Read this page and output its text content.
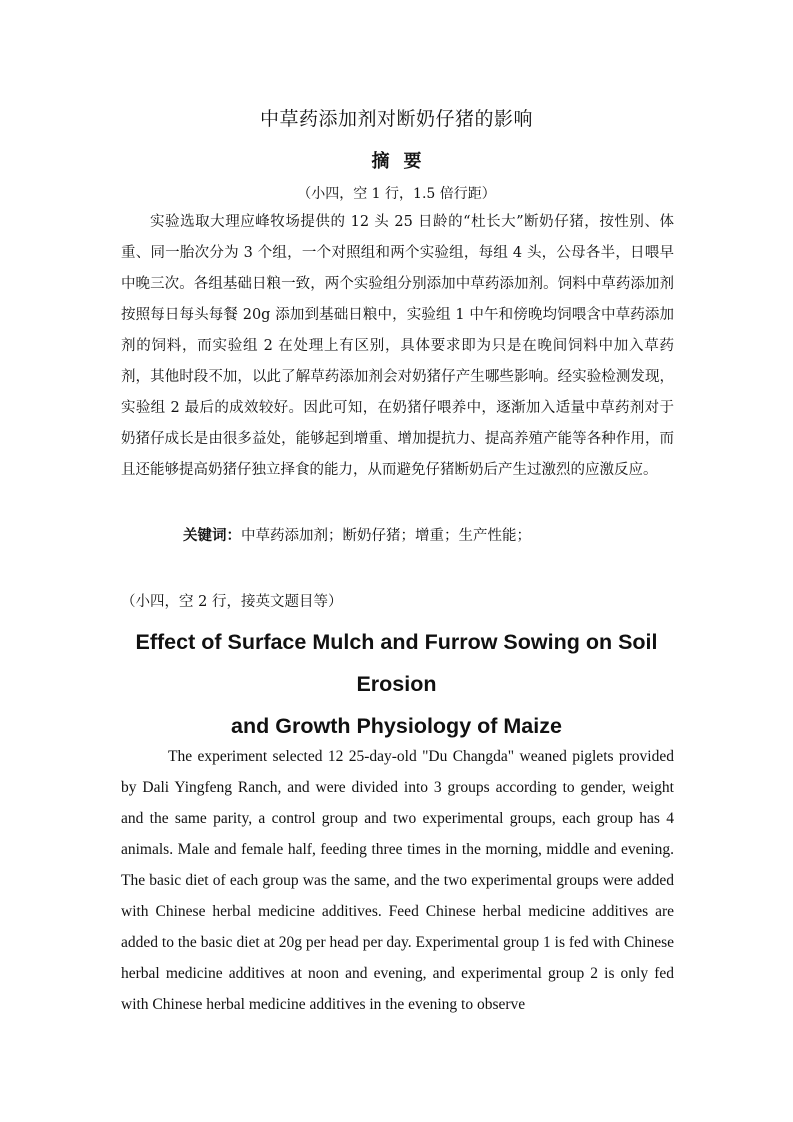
中草药添加剂对断奶仔猪的影响
摘要
（小四，空 1 行，1.5 倍行距）

实验选取大理应峰牧场提供的 12 头 25 日龄的“杜长大”断奶仔猪，按性别、体重、同一胎次分为 3 个组，一个对照组和两个实验组，每组 4 头，公母各半，日喂早中晚三次。各组基础日粮一致，两个实验组分别添加中草药添加剂。饲料中草药添加剂按照每日每头每餐 20g 添加到基础日粮中，实验组 1 中午和傍晚均饲喂含中草药添加剂的饲料，而实验组 2 在处理上有区别，具体要求即为只是在晚间饲料中加入草药剂，其他时段不加，以此了解草药添加剂会对奶猪仔产生哪些影响。经实验检测发现，实验组 2 最后的成效较好。因此可知，在奶猪仔喂养中，逐渐加入适量中草药剂对于奶猪仔成长是由很多益处，能够起到增重、增加提抗力、提高养殖产能等各种作用，而且还能够提高奶猪仔独立择食的能力，从而避免仔猪断奶后产生过激烈的应激反应。

关键词：中草药添加剂；断奶仔猪；增重；生产性能；
（小四，空 2 行，接英文题目等）
Effect of Surface Mulch and Furrow Sowing on Soil
Erosion
and Growth Physiology of Maize

The experiment selected 12 25-day-old "Du Changda" weaned piglets provided by Dali Yingfeng Ranch, and were divided into 3 groups according to gender, weight and the same parity, a control group and two experimental groups, each group has 4 animals. Male and female half, feeding three times in the morning, middle and evening. The basic diet of each group was the same, and the two experimental groups were added with Chinese herbal medicine additives. Feed Chinese herbal medicine additives are added to the basic diet at 20g per head per day. Experimental group 1 is fed with Chinese herbal medicine additives at noon and evening, and experimental group 2 is only fed with Chinese herbal medicine additives in the evening to observe
